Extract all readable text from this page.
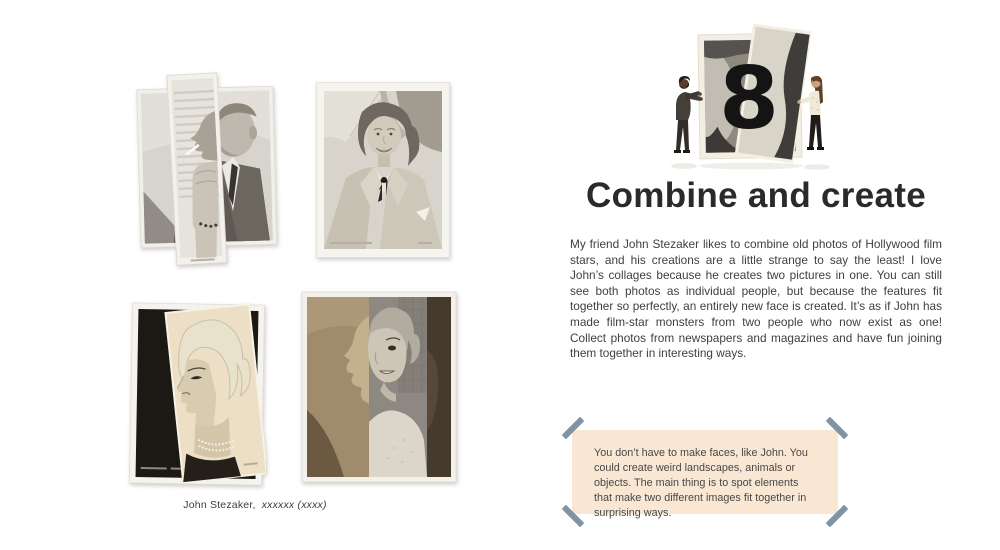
John Stezaker, xxxxxx (xxxx)

8
Combine and create

My friend John Stezaker likes to combine old photos of Hollywood film stars, and his creations are a little strange to say the least! I love John’s collages because he creates two pictures in one. You can still see both photos as individual people, but because the features fit together so perfectly, an entirely new face is created. It’s as if John has made film-star monsters from two people who now exist as one! Collect photos from newspapers and magazines and have fun joining them together in interesting ways.

You don’t have to make faces, like John. You could create weird landscapes, animals or objects. The main thing is to spot elements that make two different images fit together in surprising ways.
